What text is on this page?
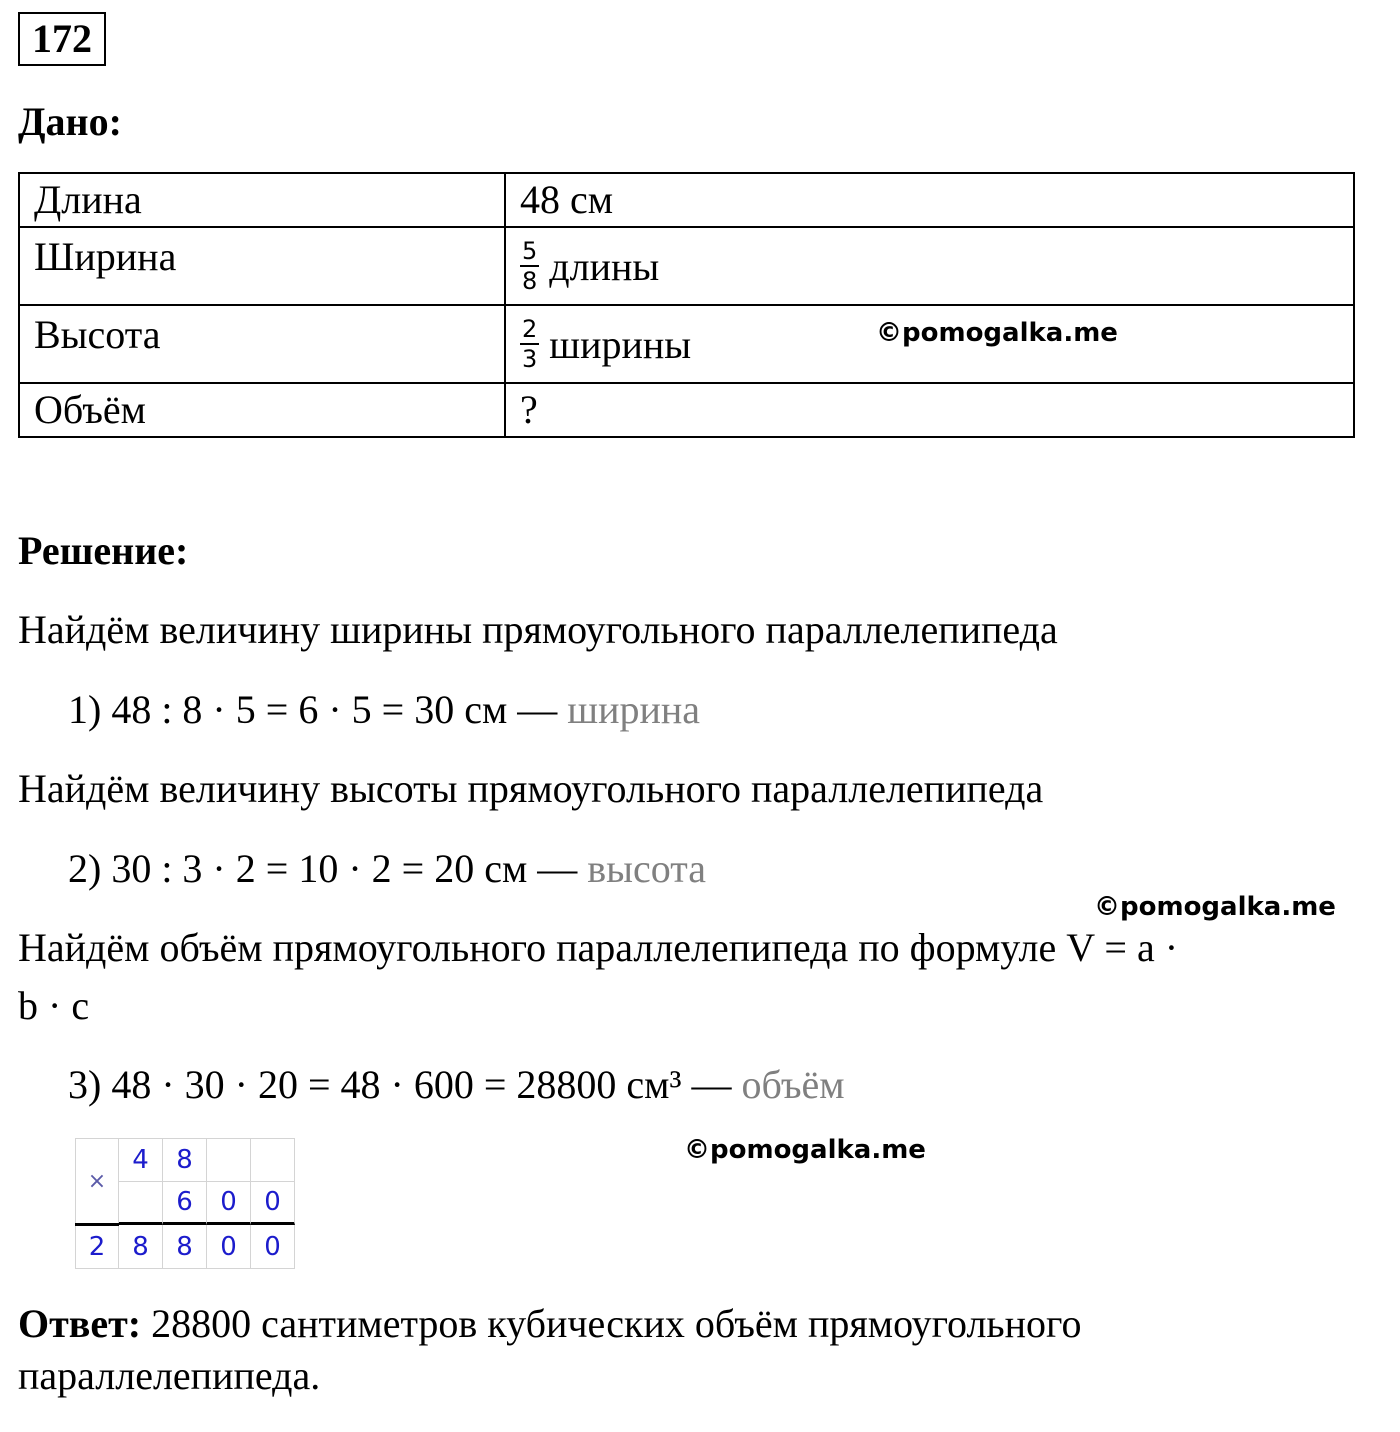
172
Дано:
Длина	48 см
Ширина	$\frac{5}{8}$ длины

Высота	$\frac{2}{3}$ ширины

Объём	?
©pomogalka.me
Решение:
Найдём величину ширины прямоугольного параллелепипеда
1) 48 : 8 · 5 = 6 · 5 = 30 см — ширина
Найдём величину высоты прямоугольного параллелепипеда
2) 30 : 3 · 2 = 10 · 2 = 20 см — высота
©pomogalka.me
Найдём объём прямоугольного параллелепипеда по формуле V = a ·
b · c
3) 48 · 30 · 20 = 48 · 600 = 28800 см³ — объём
×
4	8
6	0	0
2	8	8	0	0
©pomogalka.me
Ответ: 28800 сантиметров кубических объём прямоугольного параллелепипеда.
